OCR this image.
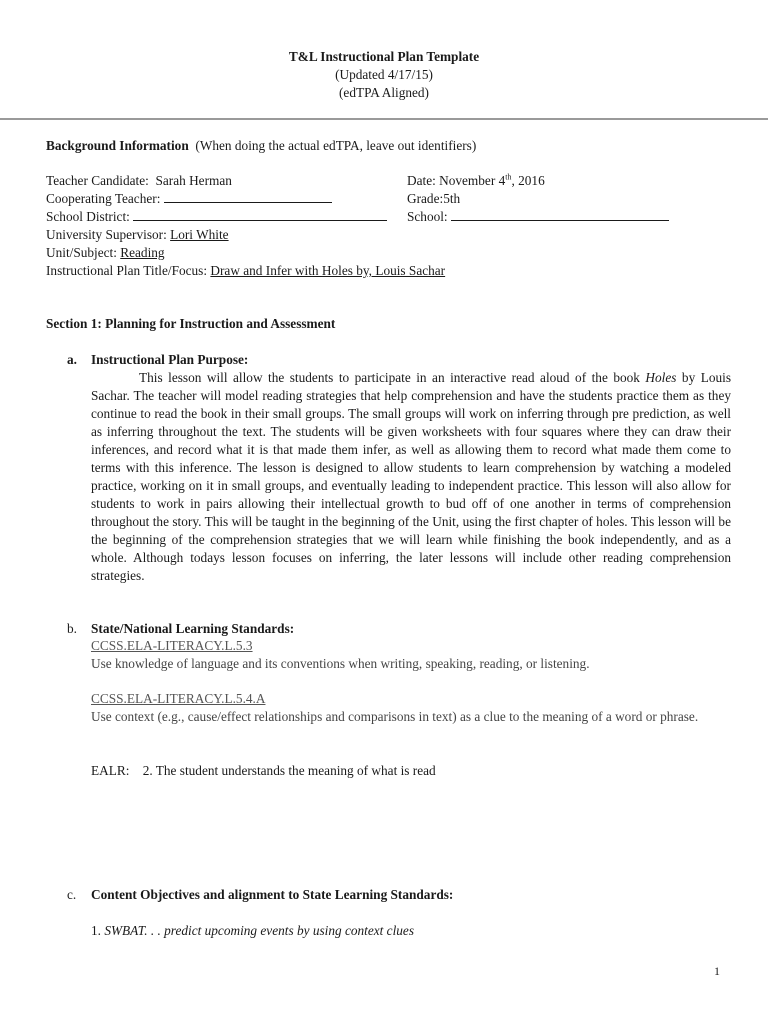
T&L Instructional Plan Template
(Updated 4/17/15)
(edTPA Aligned)
Background Information (When doing the actual edTPA, leave out identifiers)
Teacher Candidate: Sarah Herman	Date: November 4th, 2016
Cooperating Teacher:	Grade:5th
School District:	School:
University Supervisor: Lori White
Unit/Subject: Reading
Instructional Plan Title/Focus: Draw and Infer with Holes by, Louis Sachar
Section 1: Planning for Instruction and Assessment
a. Instructional Plan Purpose:
This lesson will allow the students to participate in an interactive read aloud of the book Holes by Louis Sachar. The teacher will model reading strategies that help comprehension and have the students practice them as they continue to read the book in their small groups. The small groups will work on inferring through pre prediction, as well as inferring throughout the text. The students will be given worksheets with four squares where they can draw their inferences, and record what it is that made them infer, as well as allowing them to record what made them come to terms with this inference. The lesson is designed to allow students to learn comprehension by watching a modeled practice, working on it in small groups, and eventually leading to independent practice. This lesson will also allow for students to work in pairs allowing their intellectual growth to bud off of one another in terms of comprehension throughout the story. This will be taught in the beginning of the Unit, using the first chapter of holes. This lesson will be the beginning of the comprehension strategies that we will learn while finishing the book independently, and as a whole. Although todays lesson focuses on inferring, the later lessons will include other reading comprehension strategies.
b. State/National Learning Standards:
CCSS.ELA-LITERACY.L.5.3
Use knowledge of language and its conventions when writing, speaking, reading, or listening.
CCSS.ELA-LITERACY.L.5.4.A
Use context (e.g., cause/effect relationships and comparisons in text) as a clue to the meaning of a word or phrase.
EALR: 2. The student understands the meaning of what is read
c. Content Objectives and alignment to State Learning Standards:
1. SWBAT. . . predict upcoming events by using context clues
1
